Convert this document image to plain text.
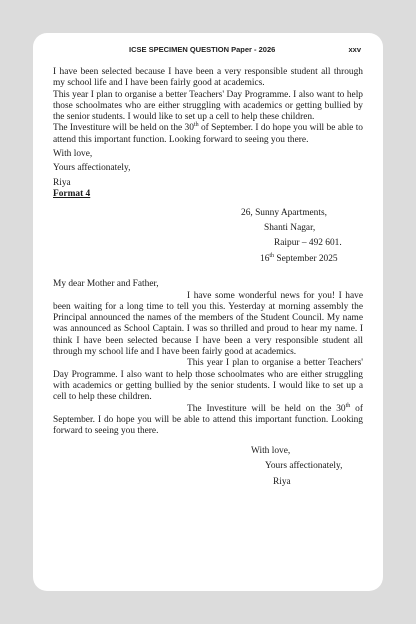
ICSE SPECIMEN QUESTION Paper - 2026	xxv

I have been selected because I have been a very responsible student all through my school life and I have been fairly good at academics.

This year I plan to organise a better Teachers' Day Programme. I also want to help those schoolmates who are either struggling with academics or getting bullied by the senior students. I would like to set up a cell to help these children.

The Investiture will be held on the 30th of September. I do hope you will be able to attend this important function. Looking forward to seeing you there.

With love,

Yours affectionately,

Riya

Format 4

26, Sunny Apartments,
Shanti Nagar,
Raipur – 492 601.
16th September 2025

My dear Mother and Father,

I have some wonderful news for you! I have been waiting for a long time to tell you this. Yesterday at morning assembly the Principal announced the names of the members of the Student Council. My name was announced as School Captain. I was so thrilled and proud to hear my name. I think I have been selected because I have been a very responsible student all through my school life and I have been fairly good at academics.

This year I plan to organise a better Teachers' Day Programme. I also want to help those schoolmates who are either struggling with academics or getting bullied by the senior students. I would like to set up a cell to help these children.

The Investiture will be held on the 30th of September. I do hope you will be able to attend this important function. Looking forward to seeing you there.

With love,
Yours affectionately,
Riya
